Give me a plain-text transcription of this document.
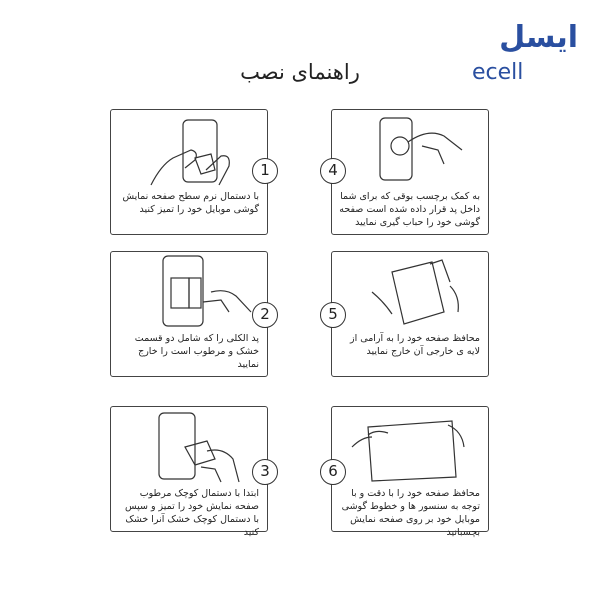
ایسل
ecell
راهنمای نصب
با دستمال نرم سطح صفحه نمایش گوشی موبایل خود را تمیز کنید
1
پد الکلی را که شامل دو قسمت خشک و مرطوب است را خارج نمایید
2
ابتدا با دستمال کوچک مرطوب صفحه نمایش خود را تمیز و سپس با دستمال کوچک خشک آنرا خشک کنید
3
به کمک برچسب بوقی که برای شما داخل پد قرار داده شده است صفحه گوشی خود را حباب گیری نمایید
4
محافظ صفحه خود را به آرامی از لایه ی خارجی آن خارج نمایید
5
محافظ صفحه خود را با دقت و با توجه به سنسور ها و خطوط گوشی موبایل خود بر روی صفحه نمایش بچسبانید
6
